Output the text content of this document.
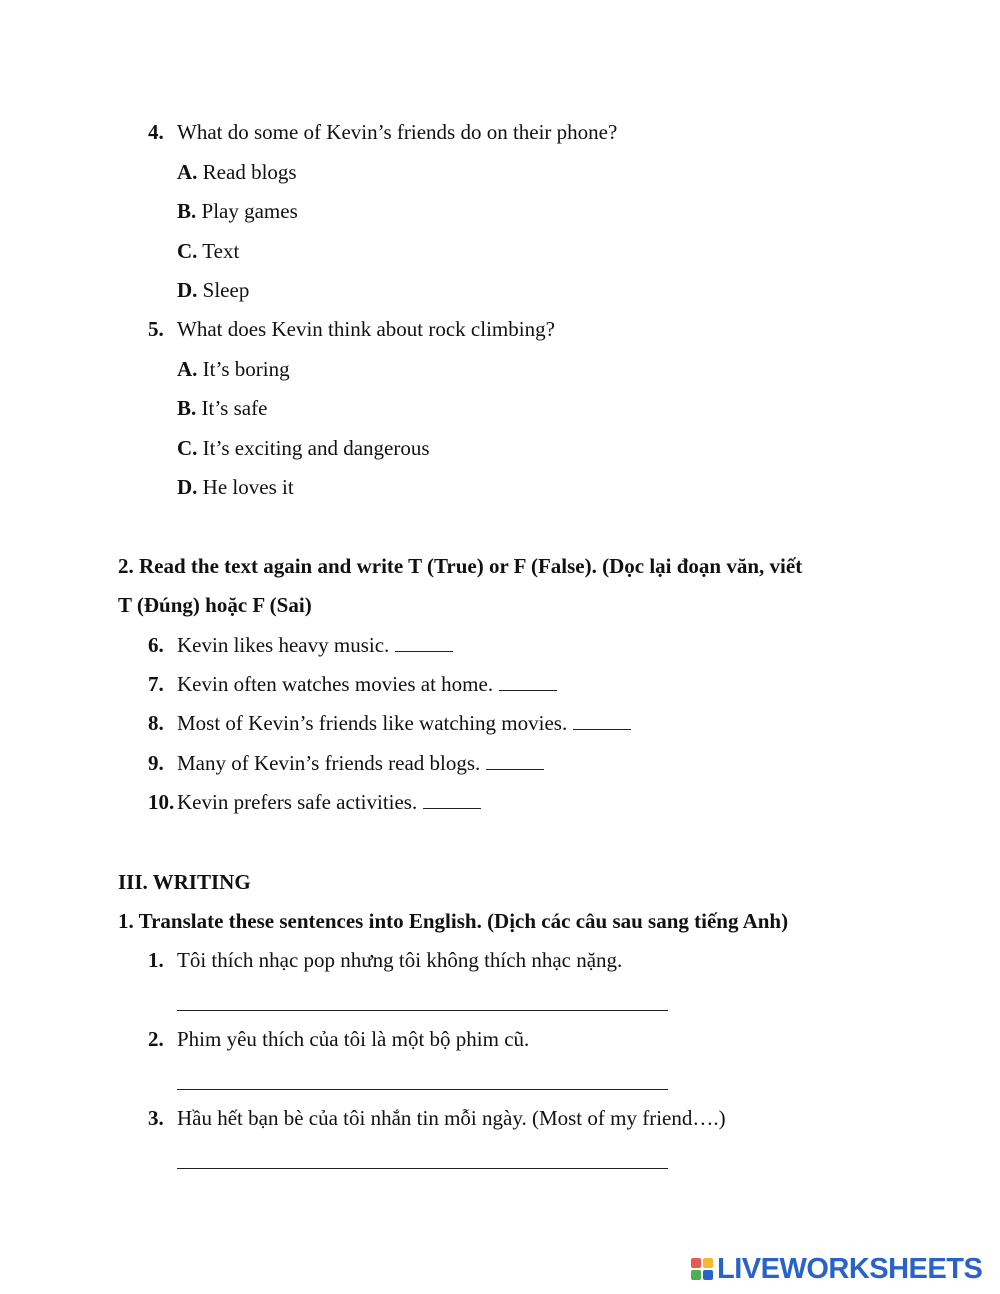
4. What do some of Kevin’s friends do on their phone?
A. Read blogs
B. Play games
C. Text
D. Sleep
5. What does Kevin think about rock climbing?
A. It’s boring
B. It’s safe
C. It’s exciting and dangerous
D. He loves it
2. Read the text again and write T (True) or F (False). (Dọc lại đoạn văn, viết
T (Đúng) hoặc F (Sai)
6. Kevin likes heavy music.
7. Kevin often watches movies at home.
8. Most of Kevin’s friends like watching movies.
9. Many of Kevin’s friends read blogs.
10. Kevin prefers safe activities.
III. WRITING
1. Translate these sentences into English. (Dịch các câu sau sang tiếng Anh)
1. Tôi thích nhạc pop nhưng tôi không thích nhạc nặng.
2. Phim yêu thích của tôi là một bộ phim cũ.
3. Hầu hết bạn bè của tôi nhắn tin mỗi ngày. (Most of my friend….)
LIVEWORKSHEETS
